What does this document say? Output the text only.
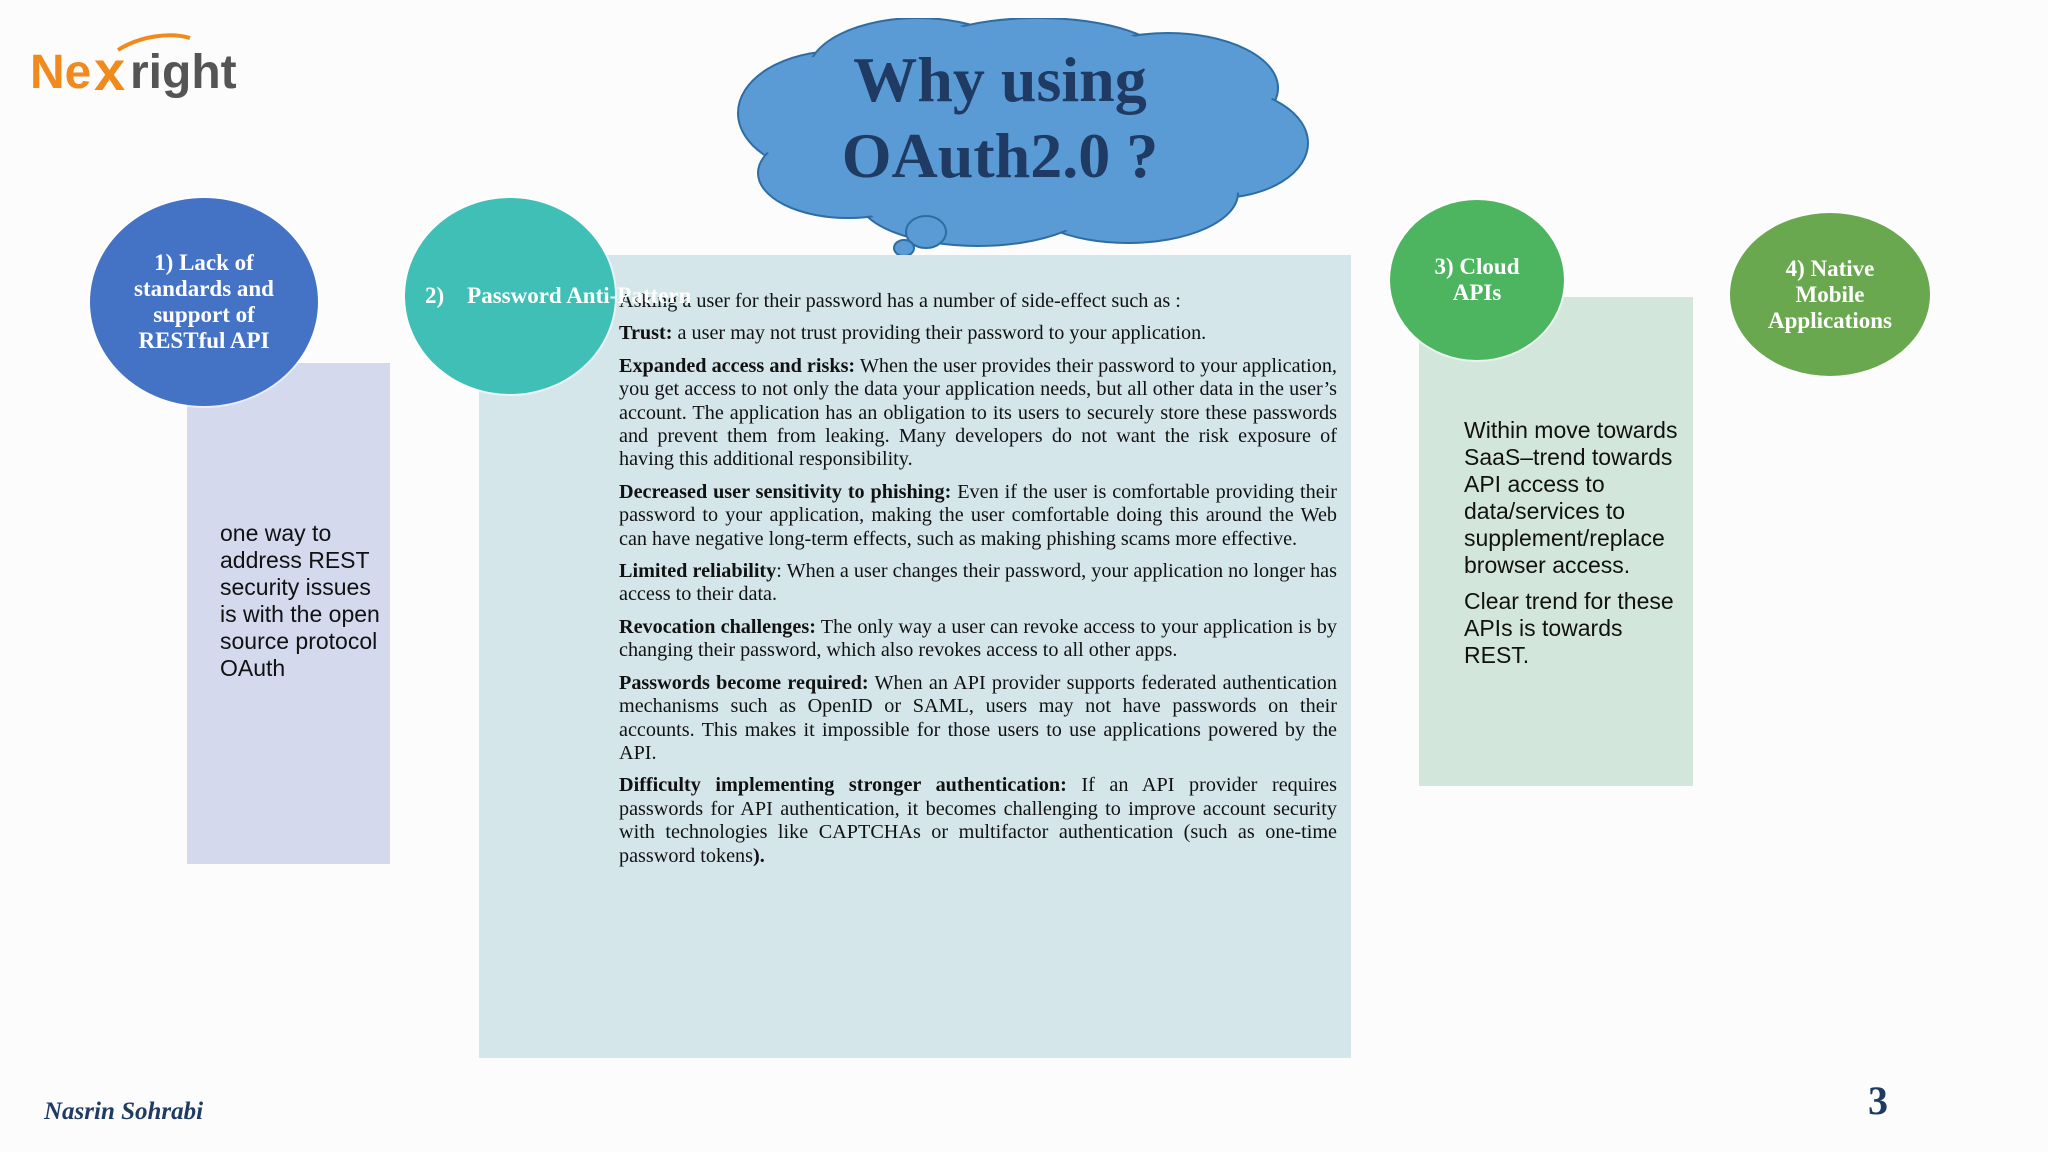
Ne x right	Why using
OAuth2.0 ?
one way to address REST security issues is with the open source protocol OAuth
1) Lack of standards and support of RESTful API

Asking a user for their password has a number of side-effect such as :

Trust: a user may not trust providing their password to your application.

Expanded access and risks: When the user provides their password to your application, you get access to not only the data your application needs, but all other data in the user’s account. The application has an obligation to its users to securely store these passwords and prevent them from leaking. Many developers do not want the risk exposure of having this additional responsibility.

Decreased user sensitivity to phishing: Even if the user is comfortable providing their password to your application, making the user comfortable doing this around the Web can have negative long-term effects, such as making phishing scams more effective.

Limited reliability: When a user changes their password, your application no longer has access to their data.

Revocation challenges: The only way a user can revoke access to your application is by changing their password, which also revokes access to all other apps.

Passwords become required: When an API provider supports federated authentication mechanisms such as OpenID or SAML, users may not have passwords on their accounts. This makes it impossible for those users to use applications powered by the API.

Difficulty implementing stronger authentication: If an API provider requires passwords for API authentication, it becomes challenging to improve account security with technologies like CAPTCHAs or multifactor authentication (such as one-time password tokens).

2)    Password Anti-Pattern

Within move towards SaaS–trend towards API access to data/services to supplement/replace browser access.

Clear trend for these APIs is towards REST.

3) Cloud APIs
4) Native Mobile Applications
Nasrin Sohrabi	3
